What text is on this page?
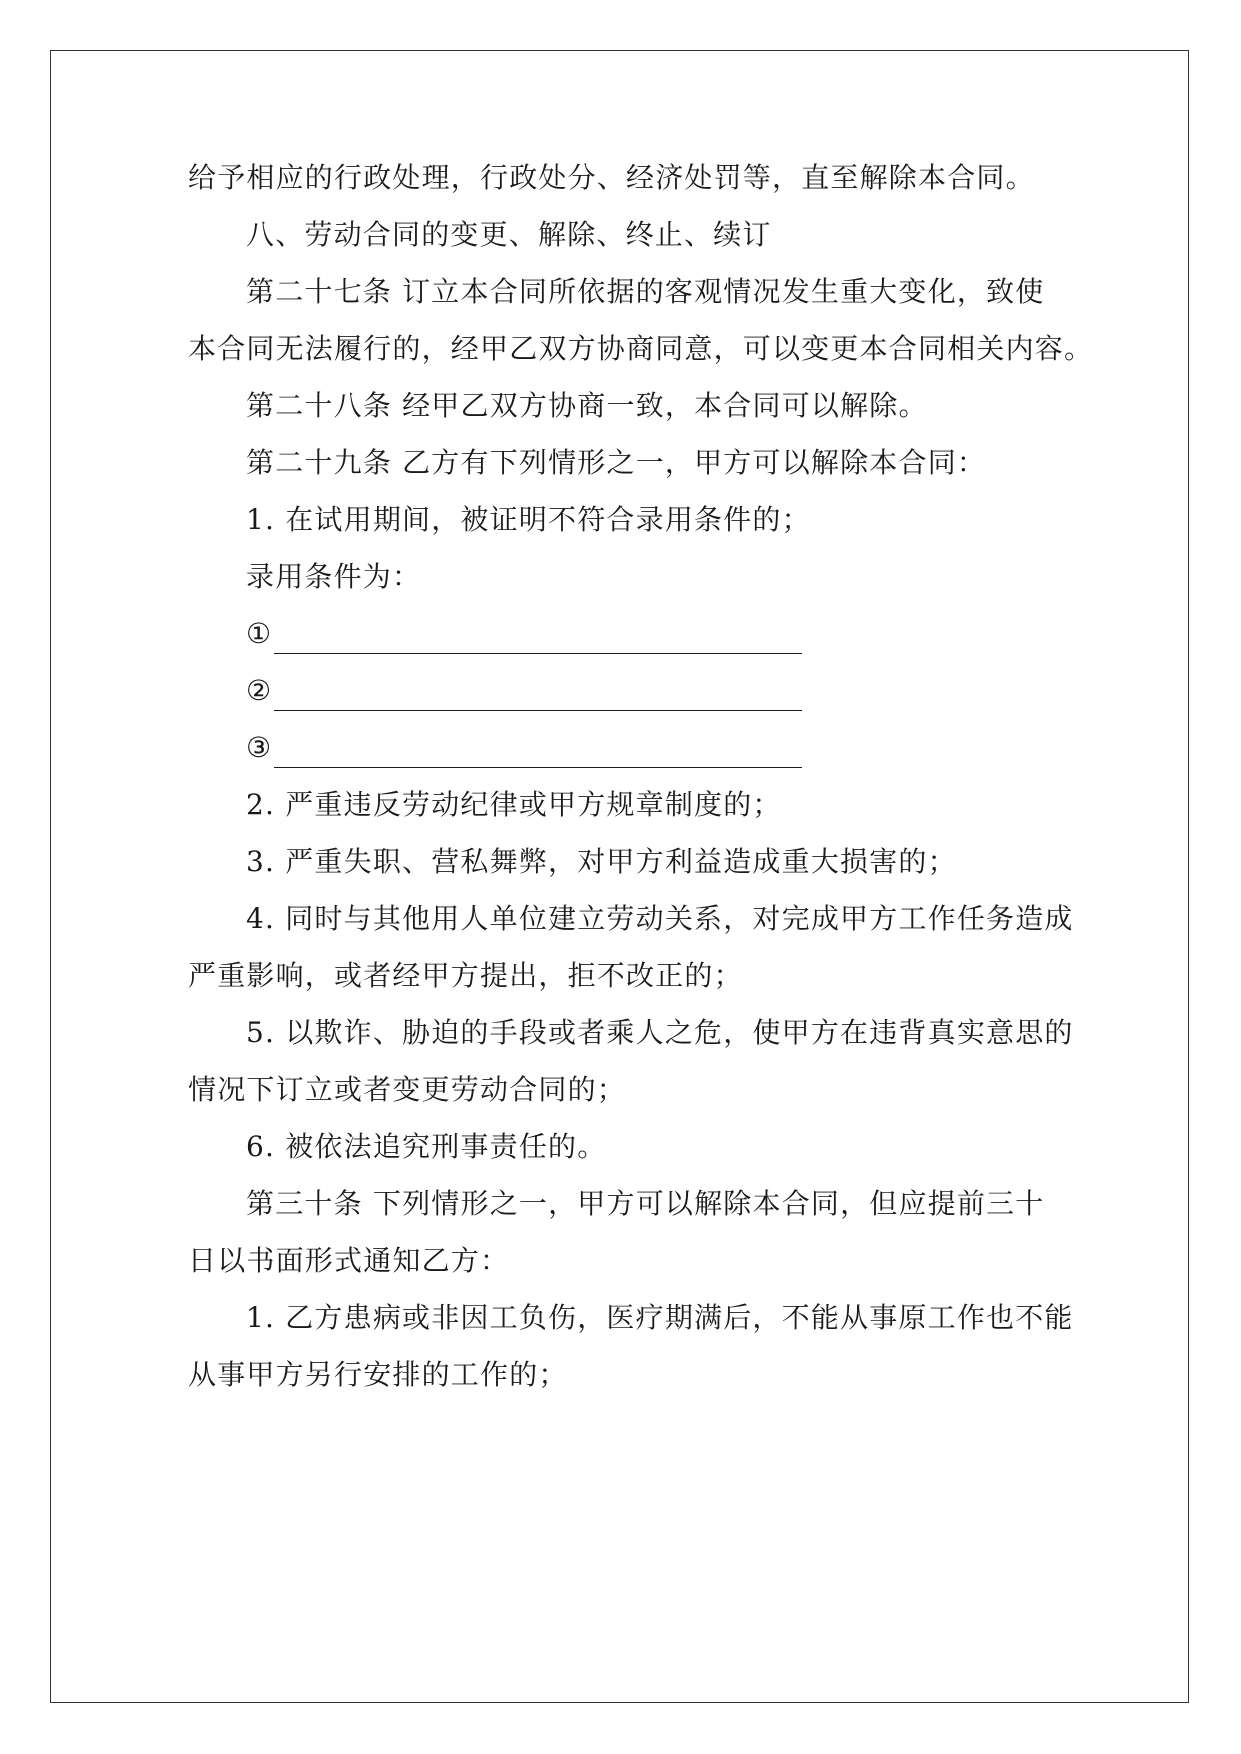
给予相应的行政处理，行政处分、经济处罚等，直至解除本合同。
八、劳动合同的变更、解除、终止、续订
第二十七条 订立本合同所依据的客观情况发生重大变化，致使
本合同无法履行的，经甲乙双方协商同意，可以变更本合同相关内容。
第二十八条 经甲乙双方协商一致，本合同可以解除。
第二十九条 乙方有下列情形之一，甲方可以解除本合同：
1. 在试用期间，被证明不符合录用条件的；
录用条件为：
①
②
③
2. 严重违反劳动纪律或甲方规章制度的；
3. 严重失职、营私舞弊，对甲方利益造成重大损害的；
4. 同时与其他用人单位建立劳动关系，对完成甲方工作任务造成
严重影响，或者经甲方提出，拒不改正的；
5. 以欺诈、胁迫的手段或者乘人之危，使甲方在违背真实意思的
情况下订立或者变更劳动合同的；
6. 被依法追究刑事责任的。
第三十条 下列情形之一，甲方可以解除本合同，但应提前三十
日以书面形式通知乙方：
1. 乙方患病或非因工负伤，医疗期满后，不能从事原工作也不能
从事甲方另行安排的工作的；
